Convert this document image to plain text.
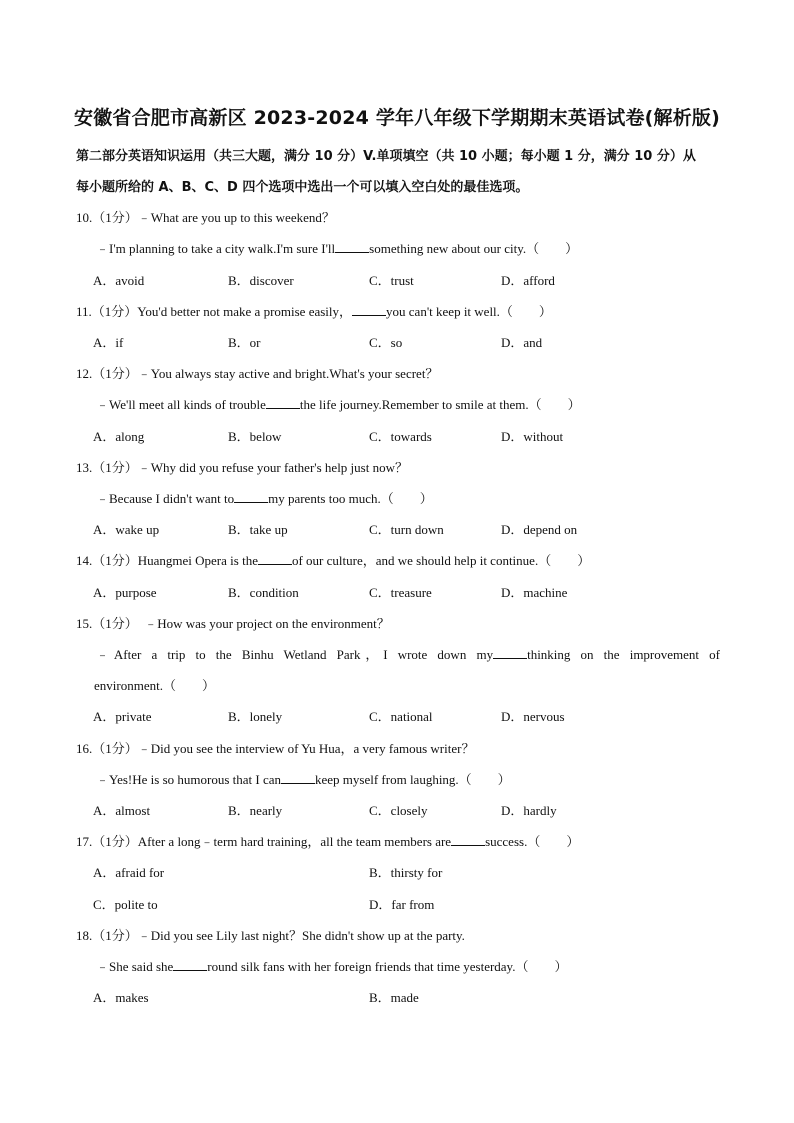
安徽省合肥市高新区 2023-2024 学年八年级下学期期末英语试卷(解析版)
第二部分英语知识运用（共三大题，满分 10 分）V.单项填空（共 10 小题；每小题 1 分，满分 10 分）从
每小题所给的 A、B、C、D 四个选项中选出一个可以填入空白处的最佳选项。
10.（1分）﹣What are you up to this weekend？
﹣I'm planning to take a city walk.I'm sure I'll	something new about our city.（　　）
A．avoid	B．discover	C．trust	D．afford
11.（1分）You'd better not make a promise easily，	you can't keep it well.（　　）
A．if	B．or	C．so	D．and
12.（1分）﹣You always stay active and bright.What's your secret？
﹣We'll meet all kinds of trouble	the life journey.Remember to smile at them.（　　）
A．along	B．below	C．towards	D．without
13.（1分）﹣Why did you refuse your father's help just now？
﹣Because I didn't want to	my parents too much.（　　）
A．wake up	B．take up	C．turn down	D．depend on
14.（1分）Huangmei Opera is the	of our culture，and we should help it continue.（　　）
A．purpose	B．condition	C．treasure	D．machine
15.（1分）　﹣How was your project on the environment？
﹣After a trip to the Binhu Wetland Park，I wrote down my	thinking on the improvement of
environment.（　　）
A．private	B．lonely	C．national	D．nervous
16.（1分）﹣Did you see the interview of Yu Hua，a very famous writer？
﹣Yes!He is so humorous that I can	keep myself from laughing.（　　）
A．almost	B．nearly	C．closely	D．hardly
17.（1分）After a long﹣term hard training，all the team members are	success.（　　）
A．afraid for	B．thirsty for
C．polite to	D．far from
18.（1分）﹣Did you see Lily last night？She didn't show up at the party.
﹣She said she	round silk fans with her foreign friends that time yesterday.（　　）
A．makes	B．made
